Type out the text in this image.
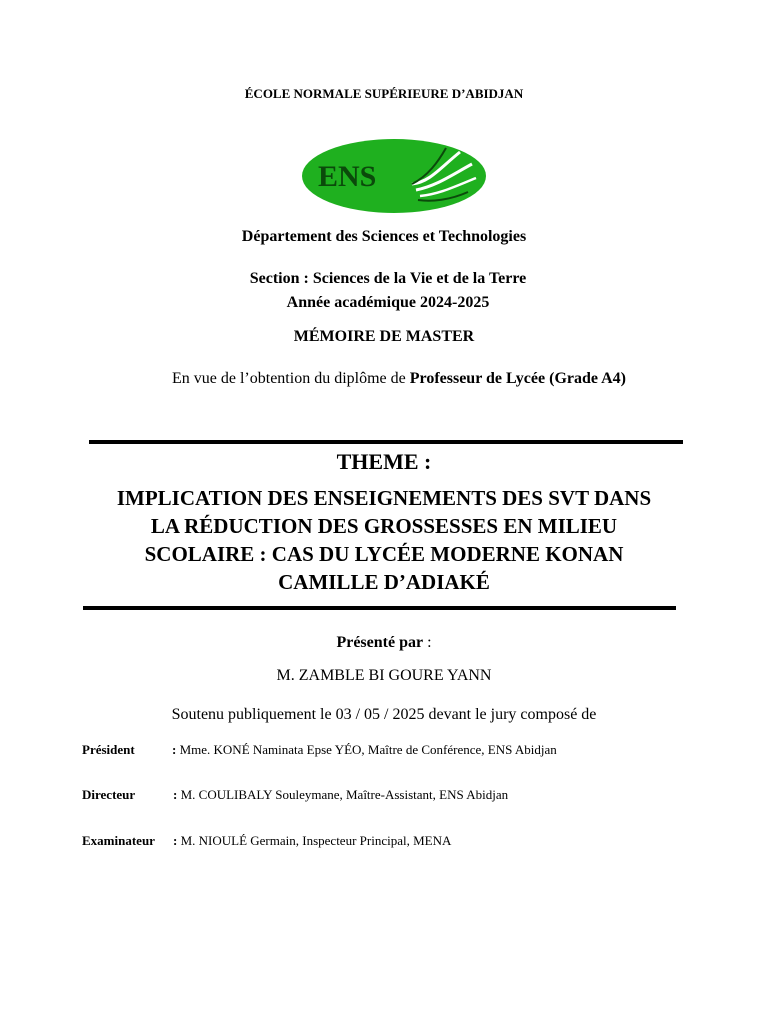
ÉCOLE NORMALE SUPÉRIEURE D’ABIDJAN
ENS
Département des Sciences et Technologies
Section : Sciences de la Vie et de la Terre
Année académique 2024-2025
MÉMOIRE DE MASTER
En vue de l’obtention du diplôme de Professeur de Lycée (Grade A4)
THEME :
IMPLICATION DES ENSEIGNEMENTS DES SVT DANS
LA RÉDUCTION DES GROSSESSES EN MILIEU
SCOLAIRE : CAS DU LYCÉE MODERNE KONAN
CAMILLE D’ADIAKÉ
Présenté par :
M. ZAMBLE BI GOURE YANN
Soutenu publiquement le 03 / 05 / 2025 devant le jury composé de
Président	: Mme. KONÉ Naminata Epse YÉO, Maître de Conférence, ENS Abidjan
Directeur	: M. COULIBALY Souleymane, Maître-Assistant, ENS Abidjan
Examinateur : M. NIOULÉ Germain, Inspecteur Principal, MENA
